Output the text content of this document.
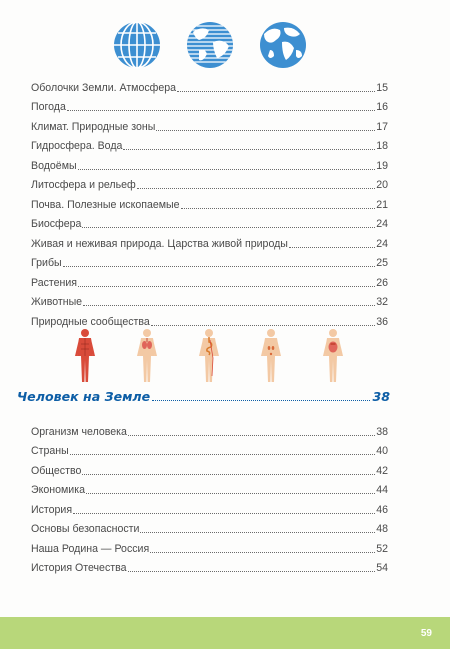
Оболочки Земли. Атмосфера	15
Погода	16
Климат. Природные зоны	17
Гидросфера. Вода	18
Водоёмы	19
Литосфера и рельеф	20
Почва. Полезные ископаемые	21
Биосфера	24
Живая и неживая природа. Царства живой природы	24
Грибы	25
Растения	26
Животные	32
Природные сообщества	36
Человек на Земле	38
Организм человека	38
Страны	40
Общество	42
Экономика	44
История	46
Основы безопасности	48
Наша Родина — Россия	52
История Отечества	54
59
